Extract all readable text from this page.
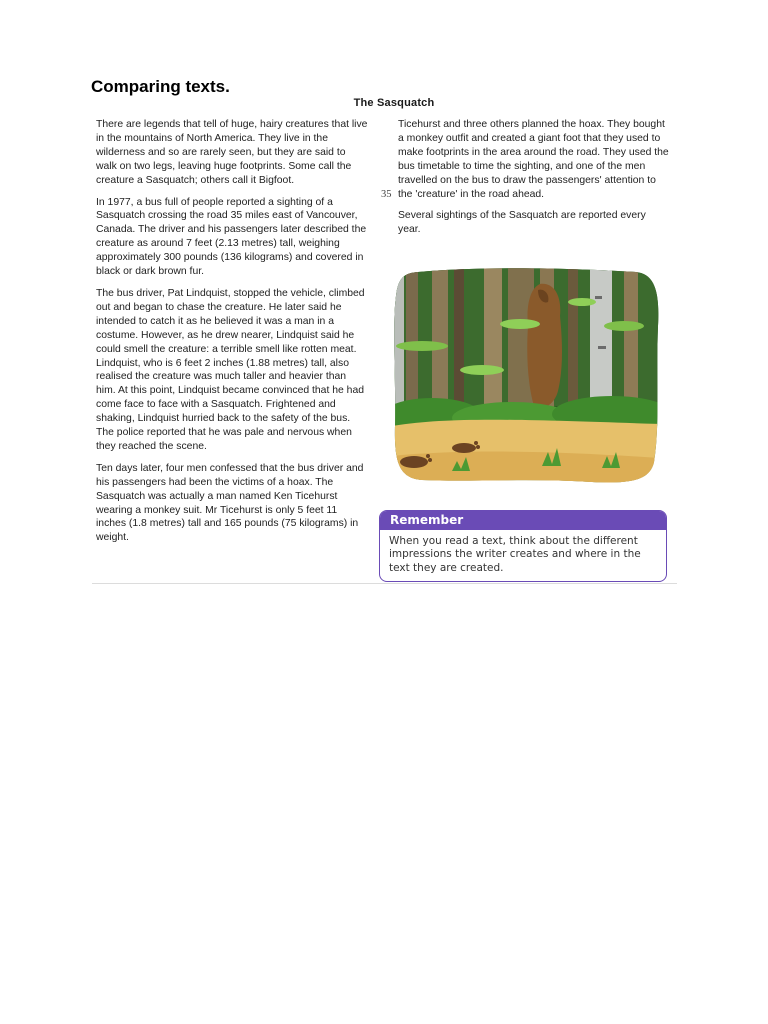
Comparing texts.
The Sasquatch

There are legends that tell of huge, hairy creatures that live in the mountains of North America. They live in the wilderness and so are rarely seen, but they are said to walk on two legs, leaving huge footprints. Some call the creature a Sasquatch; others call it Bigfoot.

In 1977, a bus full of people reported a sighting of a Sasquatch crossing the road 35 miles east of Vancouver, Canada. The driver and his passengers later described the creature as around 7 feet (2.13 metres) tall, weighing approximately 300 pounds (136 kilograms) and covered in black or dark brown fur.

The bus driver, Pat Lindquist, stopped the vehicle, climbed out and began to chase the creature. He later said he intended to catch it as he believed it was a man in a costume. However, as he drew nearer, Lindquist said he could smell the creature: a terrible smell like rotten meat. Lindquist, who is 6 feet 2 inches (1.88 metres) tall, also realised the creature was much taller and heavier than him. At this point, Lindquist became convinced that he had come face to face with a Sasquatch. Frightened and shaking, Lindquist hurried back to the safety of the bus. The police reported that he was pale and nervous when they reached the scene.

Ten days later, four men confessed that the bus driver and his passengers had been the victims of a hoax. The Sasquatch was actually a man named Ken Ticehurst wearing a monkey suit. Mr Ticehurst is only 5 feet 11 inches (1.8 metres) tall and 165 pounds (75 kilograms) in weight.

35

Ticehurst and three others planned the hoax. They bought a monkey outfit and created a giant foot that they used to make footprints in the area around the road. They used the bus timetable to time the sighting, and one of the men travelled on the bus to draw the passengers' attention to the 'creature' in the road ahead.

Several sightings of the Sasquatch are reported every year.

Remember
When you read a text, think about the different impressions the writer creates and where in the text they are created.
